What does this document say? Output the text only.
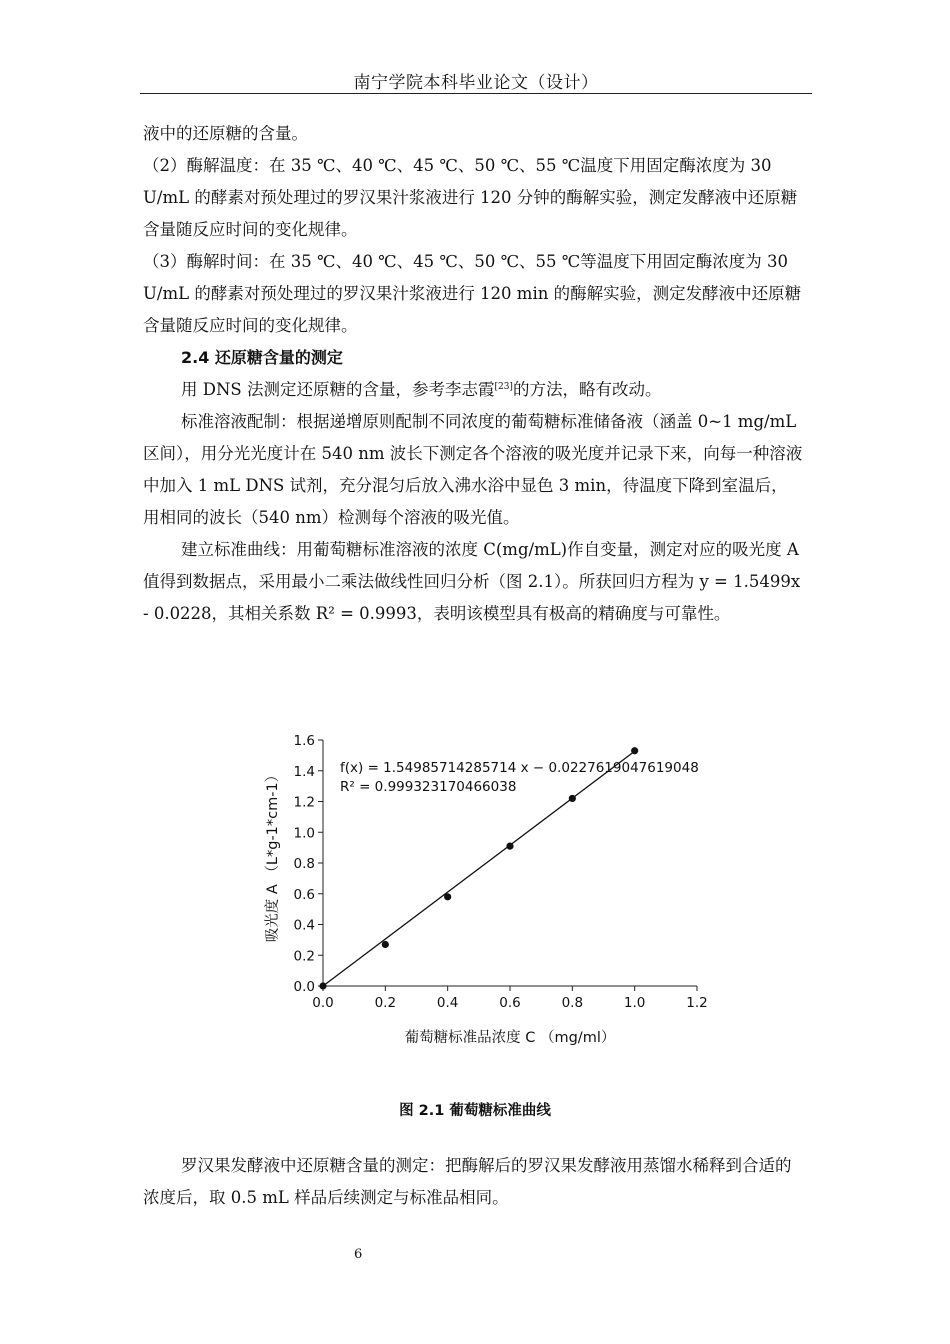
南宁学院本科毕业论文（设计）

液中的还原糖的含量。

（2）酶解温度：在 35 ℃、40 ℃、45 ℃、50 ℃、55 ℃温度下用固定酶浓度为 30 U/mL 的酵素对预处理过的罗汉果汁浆液进行 120 分钟的酶解实验，测定发酵液中还原糖含量随反应时间的变化规律。

（3）酶解时间：在 35 ℃、40 ℃、45 ℃、50 ℃、55 ℃等温度下用固定酶浓度为 30 U/mL 的酵素对预处理过的罗汉果汁浆液进行 120 min 的酶解实验，测定发酵液中还原糖含量随反应时间的变化规律。

2.4 还原糖含量的测定

用 DNS 法测定还原糖的含量，参考李志霞[23]的方法，略有改动。

标准溶液配制：根据递增原则配制不同浓度的葡萄糖标准储备液（涵盖 0~1 mg/mL 区间），用分光光度计在 540 nm 波长下测定各个溶液的吸光度并记录下来，向每一种溶液中加入 1 mL DNS 试剂，充分混匀后放入沸水浴中显色 3 min，待温度下降到室温后，用相同的波长（540 nm）检测每个溶液的吸光值。

建立标准曲线：用葡萄糖标准溶液的浓度 C(mg/mL)作自变量，测定对应的吸光度 A 值得到数据点，采用最小二乘法做线性回归分析（图 2.1）。所获回归方程为 y = 1.5499x - 0.0228，其相关系数 R² = 0.9993，表明该模型具有极高的精确度与可靠性。

0.0	0.2	0.4	0.6	0.8	1.0	1.2
0.0
0.2
0.4
0.6
0.8
1.0
1.2
1.4
1.6
f(x) = 1.54985714285714 x − 0.0227619047619048
R² = 0.999323170466038
葡萄糖标准品浓度 C （mg/ml）
吸光度 A （L*g-1*cm-1）
图 2.1 葡萄糖标准曲线

罗汉果发酵液中还原糖含量的测定：把酶解后的罗汉果发酵液用蒸馏水稀释到合适的浓度后，取 0.5 mL 样品后续测定与标准品相同。

6
